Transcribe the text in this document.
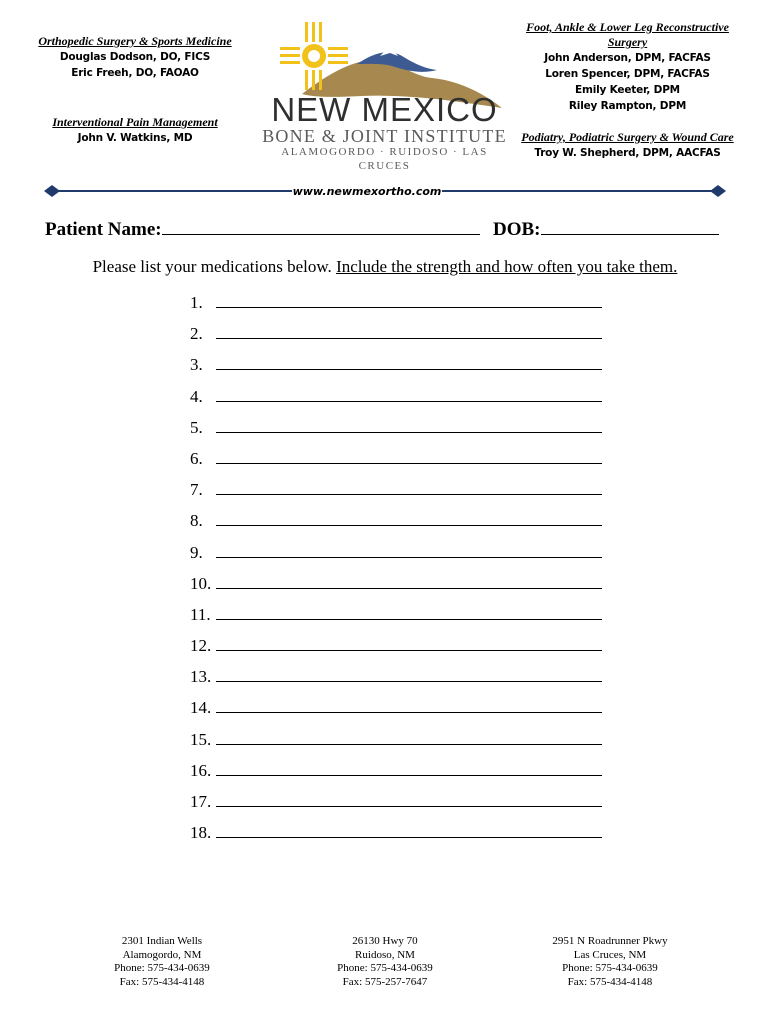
Orthopedic Surgery & Sports Medicine
Douglas Dodson, DO, FICS
Eric Freeh, DO, FAOAO
Interventional Pain Management
John V. Watkins, MD
NEW MEXICO
BONE & JOINT INSTITUTE
ALAMOGORDO · RUIDOSO · LAS CRUCES
Foot, Ankle & Lower Leg Reconstructive Surgery
John Anderson, DPM, FACFAS
Loren Spencer, DPM, FACFAS
Emily Keeter, DPM
Riley Rampton, DPM
Podiatry, Podiatric Surgery & Wound Care
Troy W. Shepherd, DPM, AACFAS
www.newmexortho.com
Patient Name:	DOB:
Please list your medications below. Include the strength and how often you take them.
1.
2.
3.
4.
5.
6.
7.
8.
9.
10.
11.
12.
13.
14.
15.
16.
17.
18.
2301 Indian Wells
Alamogordo, NM
Phone: 575-434-0639
Fax: 575-434-4148
26130 Hwy 70
Ruidoso, NM
Phone: 575-434-0639
Fax: 575-257-7647
2951 N Roadrunner Pkwy
Las Cruces, NM
Phone: 575-434-0639
Fax: 575-434-4148
